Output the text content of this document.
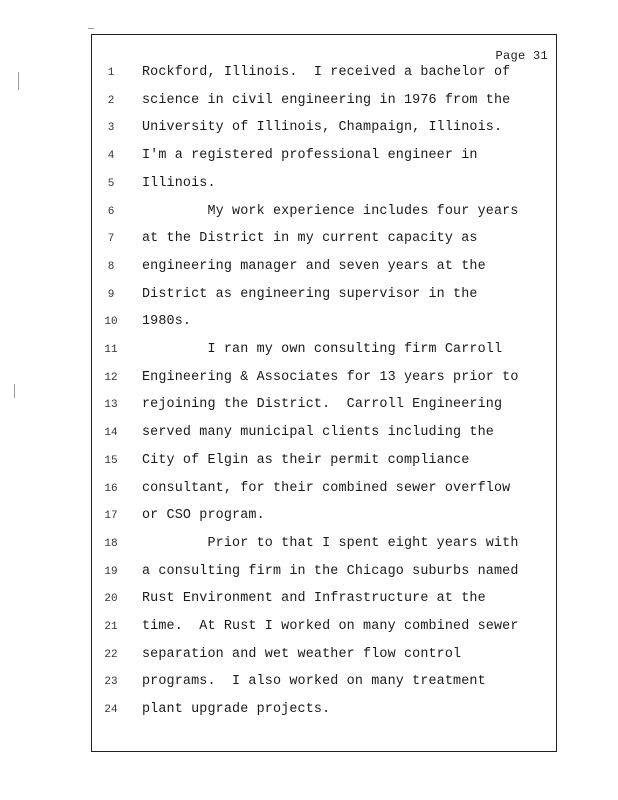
Page 31
1	Rockford, Illinois.  I received a bachelor of
2	science in civil engineering in 1976 from the
3	University of Illinois, Champaign, Illinois.
4	I'm a registered professional engineer in
5	Illinois.
6	My work experience includes four years
7	at the District in my current capacity as
8	engineering manager and seven years at the
9	District as engineering supervisor in the
10	1980s.
11	I ran my own consulting firm Carroll
12	Engineering & Associates for 13 years prior to
13	rejoining the District.  Carroll Engineering
14	served many municipal clients including the
15	City of Elgin as their permit compliance
16	consultant, for their combined sewer overflow
17	or CSO program.
18	Prior to that I spent eight years with
19	a consulting firm in the Chicago suburbs named
20	Rust Environment and Infrastructure at the
21	time.  At Rust I worked on many combined sewer
22	separation and wet weather flow control
23	programs.  I also worked on many treatment
24	plant upgrade projects.
